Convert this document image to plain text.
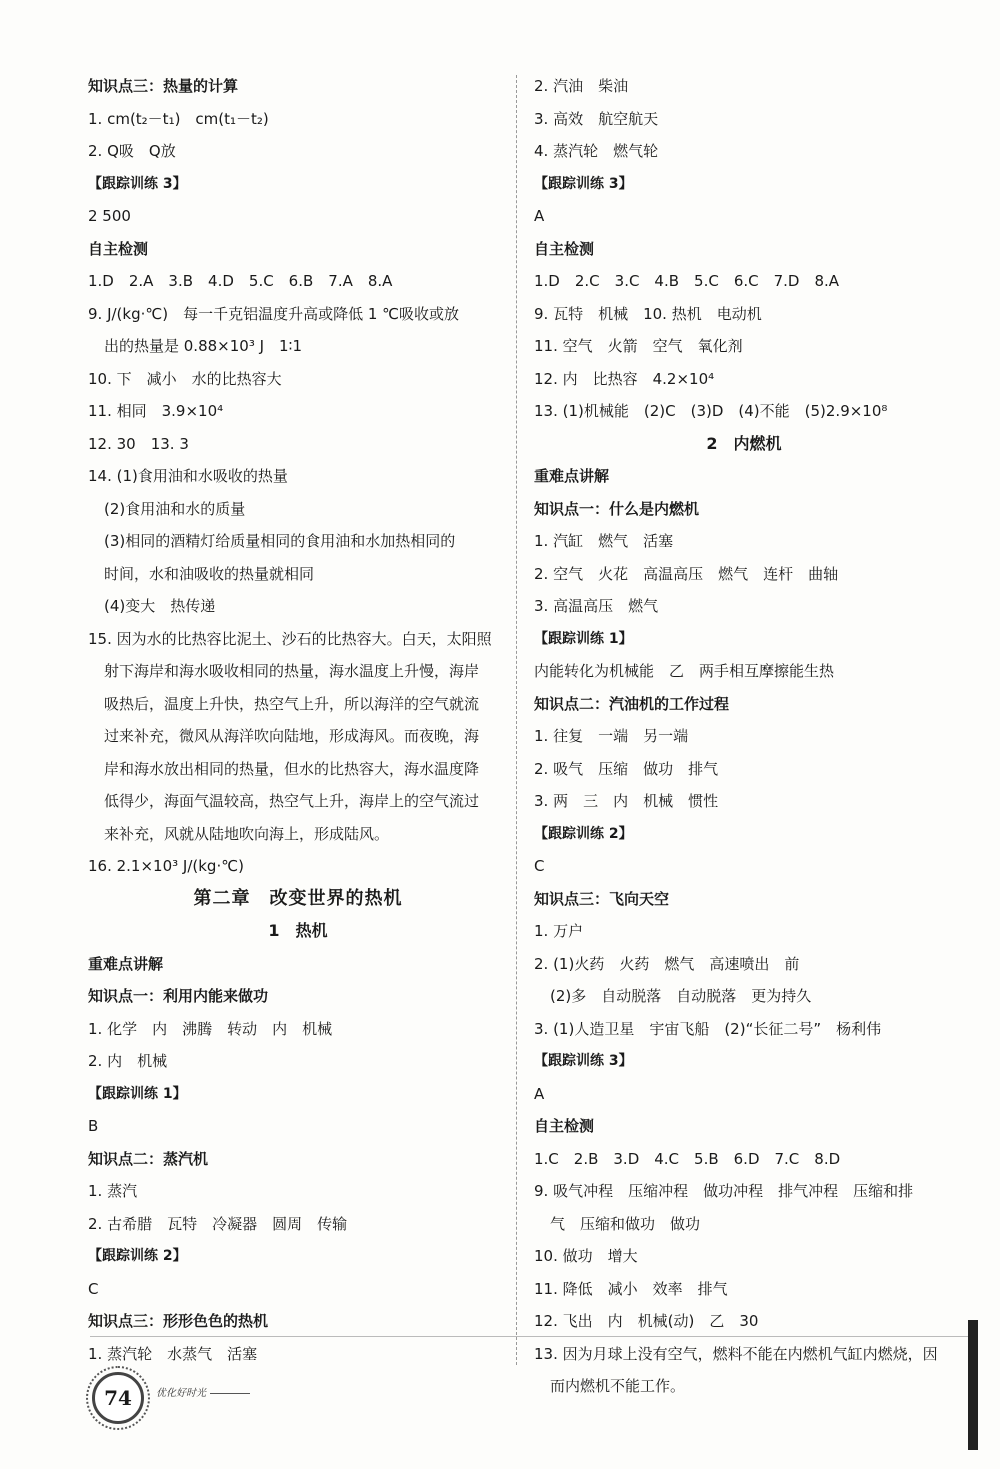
知识点三：热量的计算
1. cm(t₂－t₁)　cm(t₁－t₂)
2. Q吸　Q放
【跟踪训练 3】
2 500
自主检测
1.D　2.A　3.B　4.D　5.C　6.B　7.A　8.A
9. J/(kg·℃)　每一千克铝温度升高或降低 1 ℃吸收或放
出的热量是 0.88×10³ J　1∶1
10. 下　减小　水的比热容大
11. 相同　3.9×10⁴
12. 30　13. 3
14. (1)食用油和水吸收的热量
(2)食用油和水的质量
(3)相同的酒精灯给质量相同的食用油和水加热相同的
时间，水和油吸收的热量就相同
(4)变大　热传递
15. 因为水的比热容比泥土、沙石的比热容大。白天，太阳照
射下海岸和海水吸收相同的热量，海水温度上升慢，海岸
吸热后，温度上升快，热空气上升，所以海洋的空气就流
过来补充，微风从海洋吹向陆地，形成海风。而夜晚，海
岸和海水放出相同的热量，但水的比热容大，海水温度降
低得少，海面气温较高，热空气上升，海岸上的空气流过
来补充，风就从陆地吹向海上，形成陆风。
16. 2.1×10³ J/(kg·℃)
第二章　改变世界的热机
1　热机
重难点讲解
知识点一：利用内能来做功
1. 化学　内　沸腾　转动　内　机械
2. 内　机械
【跟踪训练 1】
B
知识点二：蒸汽机
1. 蒸汽
2. 古希腊　瓦特　冷凝器　圆周　传输
【跟踪训练 2】
C
知识点三：形形色色的热机
1. 蒸汽轮　水蒸气　活塞
2. 汽油　柴油
3. 高效　航空航天
4. 蒸汽轮　燃气轮
【跟踪训练 3】
A
自主检测
1.D　2.C　3.C　4.B　5.C　6.C　7.D　8.A
9. 瓦特　机械　10. 热机　电动机
11. 空气　火箭　空气　氧化剂
12. 内　比热容　4.2×10⁴
13. (1)机械能　(2)C　(3)D　(4)不能　(5)2.9×10⁸
2　内燃机
重难点讲解
知识点一：什么是内燃机
1. 汽缸　燃气　活塞
2. 空气　火花　高温高压　燃气　连杆　曲轴
3. 高温高压　燃气
【跟踪训练 1】
内能转化为机械能　乙　两手相互摩擦能生热
知识点二：汽油机的工作过程
1. 往复　一端　另一端
2. 吸气　压缩　做功　排气
3. 两　三　内　机械　惯性
【跟踪训练 2】
C
知识点三：飞向天空
1. 万户
2. (1)火药　火药　燃气　高速喷出　前
(2)多　自动脱落　自动脱落　更为持久
3. (1)人造卫星　宇宙飞船　(2)“长征二号”　杨利伟
【跟踪训练 3】
A
自主检测
1.C　2.B　3.D　4.C　5.B　6.D　7.C　8.D
9. 吸气冲程　压缩冲程　做功冲程　排气冲程　压缩和排
气　压缩和做功　做功
10. 做功　增大
11. 降低　减小　效率　排气
12. 飞出　内　机械(动)　乙　30
13. 因为月球上没有空气，燃料不能在内燃机气缸内燃烧，因
而内燃机不能工作。
74 优化好时光
